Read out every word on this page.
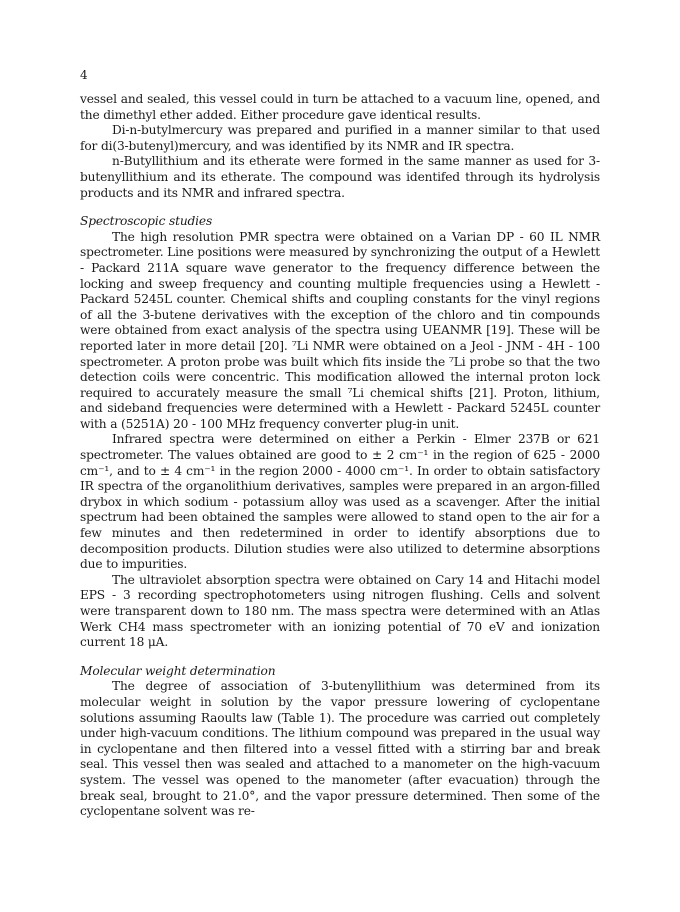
4

vessel and sealed, this vessel could in turn be attached to a vacuum line, opened, and the dimethyl ether added. Either procedure gave identical results.

Di-n-butylmercury was prepared and purified in a manner similar to that used for di(3-butenyl)mercury, and was identified by its NMR and IR spectra.

n-Butyllithium and its etherate were formed in the same manner as used for 3-butenyllithium and its etherate. The compound was identifed through its hydrolysis products and its NMR and infrared spectra.

Spectroscopic studies

The high resolution PMR spectra were obtained on a Varian DP - 60 IL NMR spectrometer. Line positions were measured by synchronizing the output of a Hewlett - Packard 211A square wave generator to the frequency difference between the locking and sweep frequency and counting multiple frequencies using a Hewlett - Packard 5245L counter. Chemical shifts and coupling constants for the vinyl regions of all the 3-butene derivatives with the exception of the chloro and tin compounds were obtained from exact analysis of the spectra using UEANMR [19]. These will be reported later in more detail [20]. ⁷Li NMR were obtained on a Jeol - JNM - 4H - 100 spectrometer. A proton probe was built which fits inside the ⁷Li probe so that the two detection coils were concentric. This modification allowed the internal proton lock required to accurately measure the small ⁷Li chemical shifts [21]. Proton, lithium, and sideband frequencies were determined with a Hewlett - Packard 5245L counter with a (5251A) 20 - 100 MHz frequency converter plug-in unit.

Infrared spectra were determined on either a Perkin - Elmer 237B or 621 spectrometer. The values obtained are good to ± 2 cm⁻¹ in the region of 625 - 2000 cm⁻¹, and to ± 4 cm⁻¹ in the region 2000 - 4000 cm⁻¹. In order to obtain satisfactory IR spectra of the organolithium derivatives, samples were prepared in an argon-filled drybox in which sodium - potassium alloy was used as a scavenger. After the initial spectrum had been obtained the samples were allowed to stand open to the air for a few minutes and then redetermined in order to identify absorptions due to decomposition products. Dilution studies were also utilized to determine absorptions due to impurities.

The ultraviolet absorption spectra were obtained on Cary 14 and Hitachi model EPS - 3 recording spectrophotometers using nitrogen flushing. Cells and solvent were transparent down to 180 nm. The mass spectra were determined with an Atlas Werk CH4 mass spectrometer with an ionizing potential of 70 eV and ionization current 18 μA.

Molecular weight determination

The degree of association of 3-butenyllithium was determined from its molecular weight in solution by the vapor pressure lowering of cyclopentane solutions assuming Raoults law (Table 1). The procedure was carried out completely under high-vacuum conditions. The lithium compound was prepared in the usual way in cyclopentane and then filtered into a vessel fitted with a stirring bar and break seal. This vessel then was sealed and attached to a manometer on the high-vacuum system. The vessel was opened to the manometer (after evacuation) through the break seal, brought to 21.0°, and the vapor pressure determined. Then some of the cyclopentane solvent was re-
